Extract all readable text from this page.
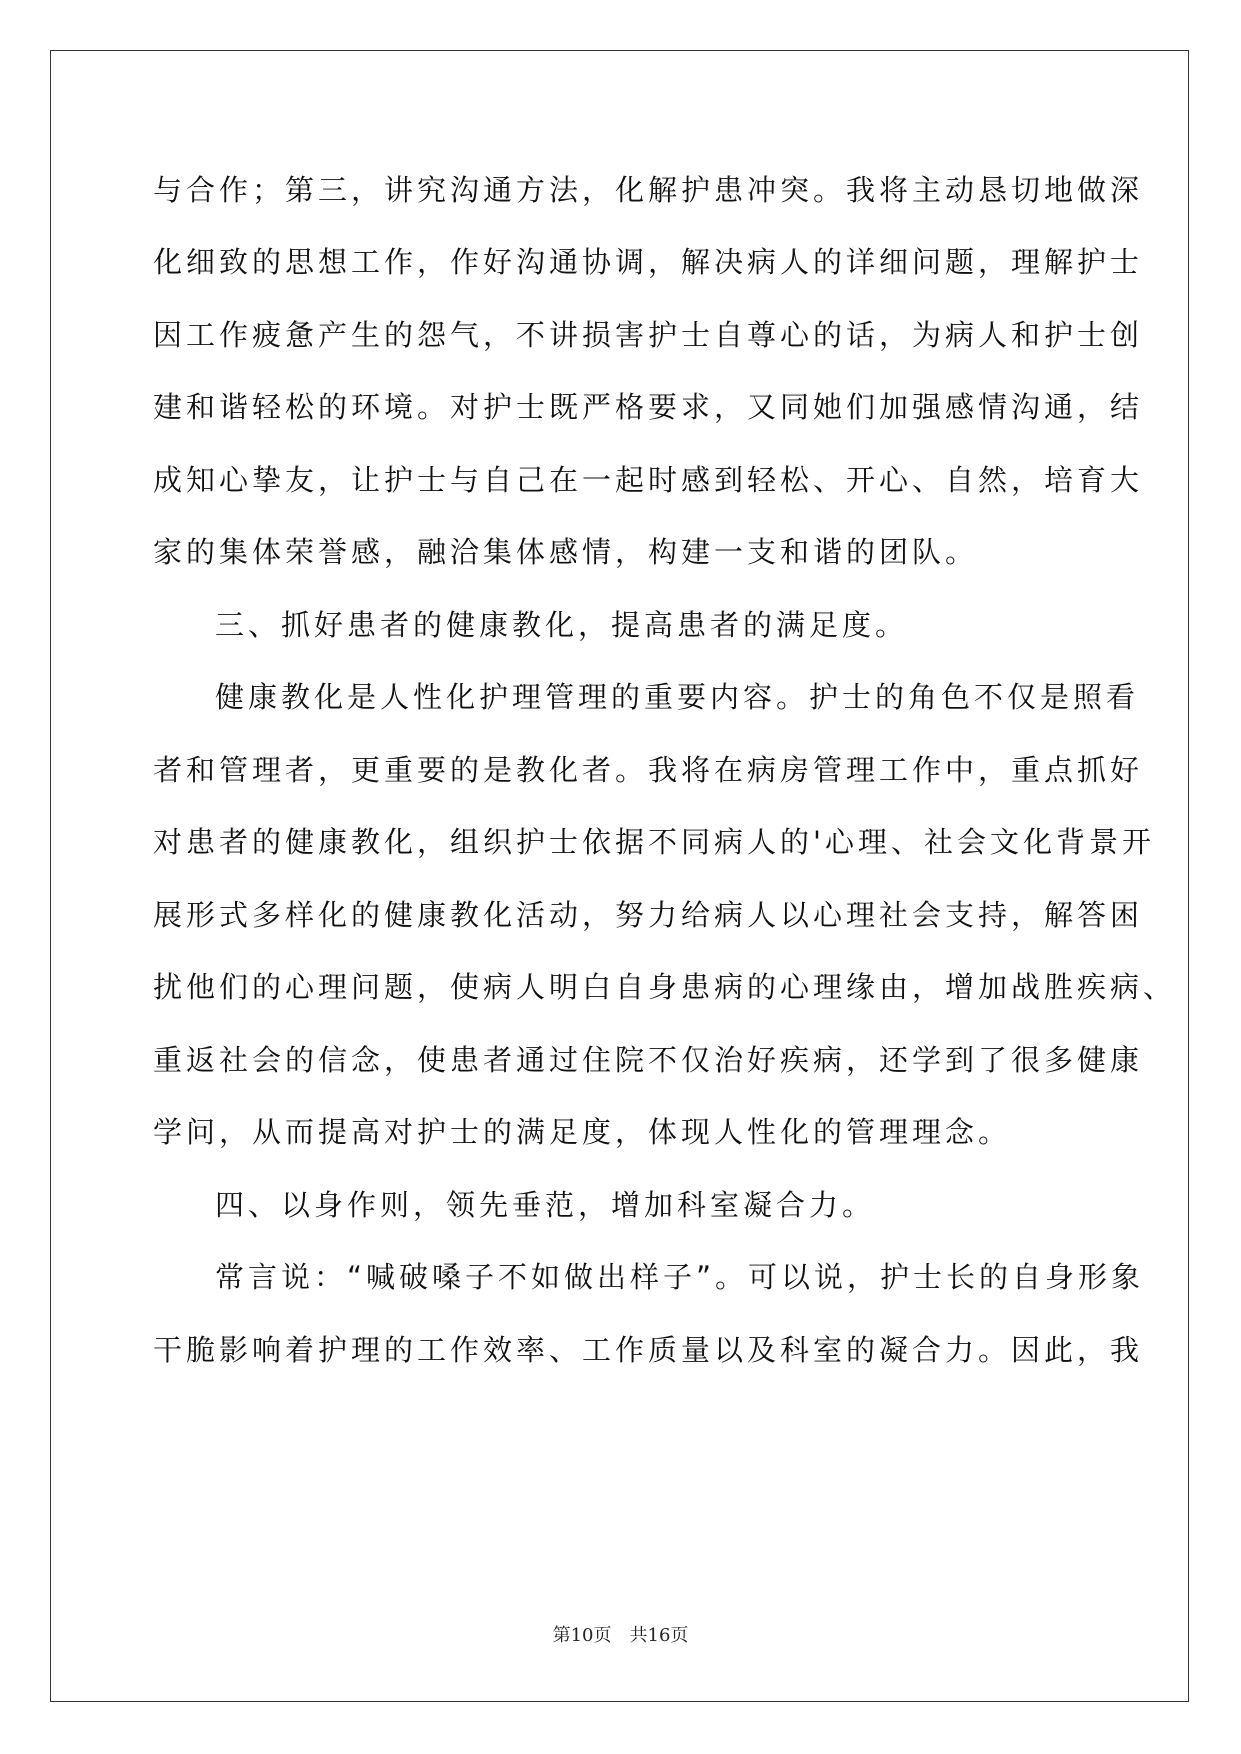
与合作；第三，讲究沟通方法，化解护患冲突。我将主动恳切地做深
化细致的思想工作，作好沟通协调，解决病人的详细问题，理解护士
因工作疲惫产生的怨气，不讲损害护士自尊心的话，为病人和护士创
建和谐轻松的环境。对护士既严格要求，又同她们加强感情沟通，结
成知心挚友，让护士与自己在一起时感到轻松、开心、自然，培育大
家的集体荣誉感，融洽集体感情，构建一支和谐的团队。
三、抓好患者的健康教化，提高患者的满足度。
健康教化是人性化护理管理的重要内容。护士的角色不仅是照看
者和管理者，更重要的是教化者。我将在病房管理工作中，重点抓好
对患者的健康教化，组织护士依据不同病人的'心理、社会文化背景开
展形式多样化的健康教化活动，努力给病人以心理社会支持，解答困
扰他们的心理问题，使病人明白自身患病的心理缘由，增加战胜疾病、
重返社会的信念，使患者通过住院不仅治好疾病，还学到了很多健康
学问，从而提高对护士的满足度，体现人性化的管理理念。
四、以身作则，领先垂范，增加科室凝合力。
常言说：“喊破嗓子不如做出样子”。可以说，护士长的自身形象
干脆影响着护理的工作效率、工作质量以及科室的凝合力。因此，我
第10页　共16页
